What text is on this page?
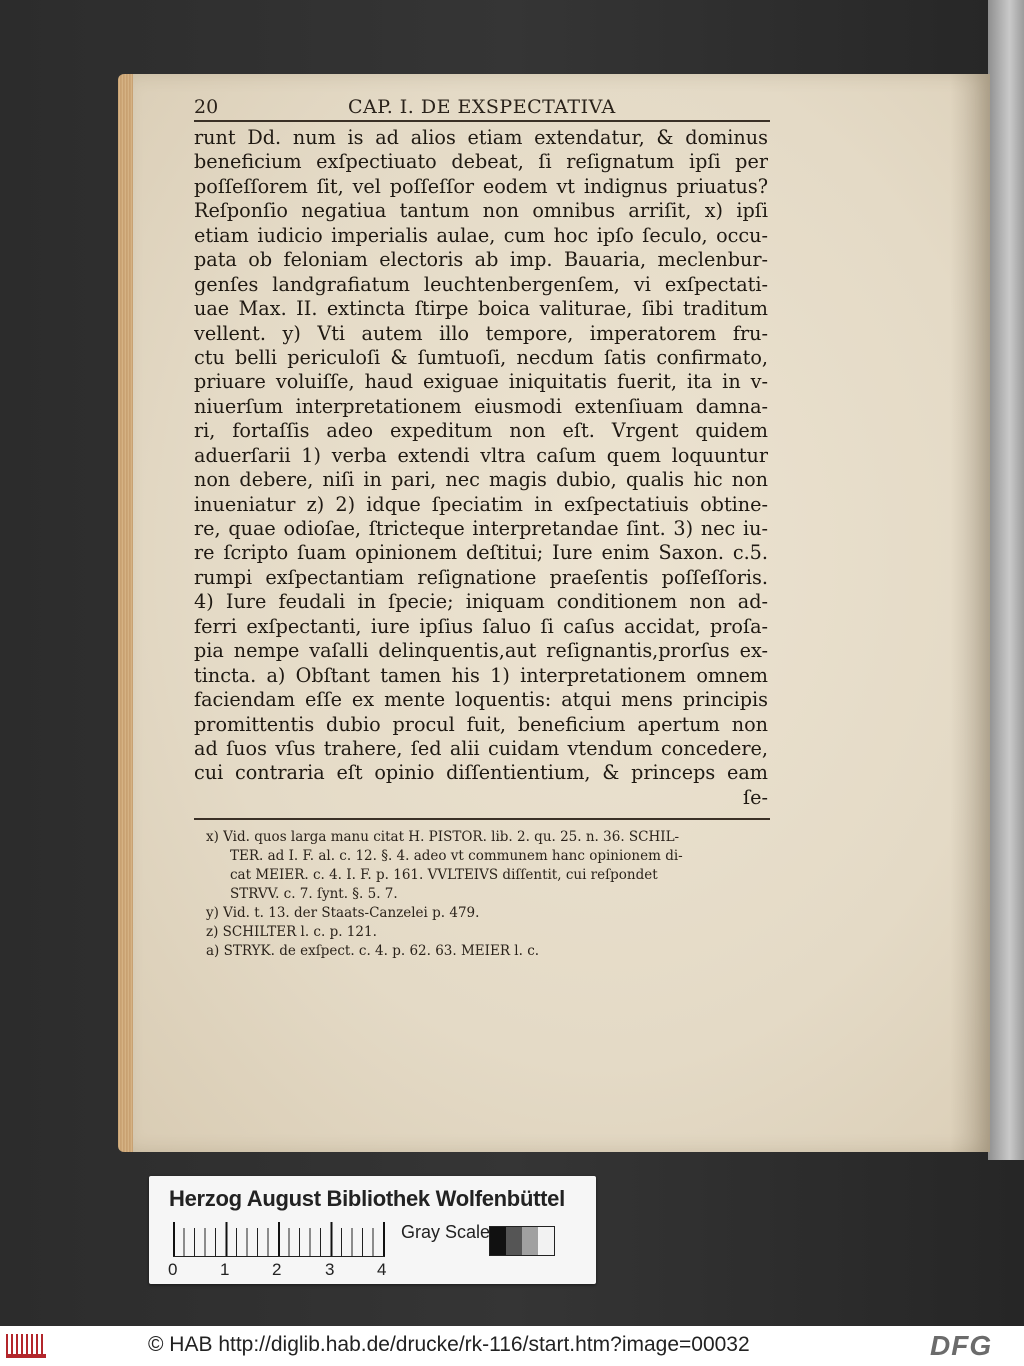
20	CAP. I. DE EXSPECTATIVA
runt Dd. num is ad alios etiam extendatur, & dominus
beneficium exſpectiuato debeat, ſi reſignatum ipſi per
poſſeſſorem ſit, vel poſſeſſor eodem vt indignus priuatus?
Reſponſio negatiua tantum non omnibus arriſit, x) ipſi
etiam iudicio imperialis aulae, cum hoc ipſo ſeculo, occu-
pata ob feloniam electoris ab imp. Bauaria, meclenbur-
genſes landgrafiatum leuchtenbergenſem, vi exſpectati-
uae Max. II. extincta ſtirpe boica valiturae, ſibi traditum
vellent. y) Vti autem illo tempore, imperatorem fru-
ctu belli periculoſi & ſumtuoſi, necdum ſatis confirmato,
priuare voluiſſe, haud exiguae iniquitatis fuerit, ita in v-
niuerſum interpretationem eiusmodi extenſiuam damna-
ri, fortaſſis adeo expeditum non eſt. Vrgent quidem
aduerſarii 1) verba extendi vltra caſum quem loquuntur
non debere, niſi in pari, nec magis dubio, qualis hic non
inueniatur z) 2) idque ſpeciatim in exſpectatiuis obtine-
re, quae odioſae, ſtricteque interpretandae ſint. 3) nec iu-
re ſcripto ſuam opinionem deſtitui; Iure enim Saxon. c.5.
rumpi exſpectantiam reſignatione praeſentis poſſeſſoris.
4) Iure feudali in ſpecie; iniquam conditionem non ad-
ferri exſpectanti, iure ipſius ſaluo ſi caſus accidat, proſa-
pia nempe vaſalli delinquentis,aut reſignantis,prorſus ex-
tincta. a) Obſtant tamen his 1) interpretationem omnem
faciendam eſſe ex mente loquentis: atqui mens principis
promittentis dubio procul fuit, beneficium apertum non
ad ſuos vſus trahere, ſed alii cuidam vtendum concedere,
cui contraria eſt opinio diſſentientium, & princeps eam
ſe-
x) Vid. quos larga manu citat H. PISTOR. lib. 2. qu. 25. n. 36. SCHIL-
TER. ad I. F. al. c. 12. §. 4. adeo vt communem hanc opinionem di-
cat MEIER. c. 4. I. F. p. 161. VVLTEIVS diſſentit, cui reſpondet
STRVV. c. 7. ſynt. §. 5. 7.
y) Vid. t. 13. der Staats-Canzelei p. 479.
z) SCHILTER l. c. p. 121.
a) STRYK. de exſpect. c. 4. p. 62. 63. MEIER l. c.
Herzog August Bibliothek Wolfenbüttel
0	1	2	3	4
Gray Scale
© HAB http://diglib.hab.de/drucke/rk-116/start.htm?image=00032	DFG
